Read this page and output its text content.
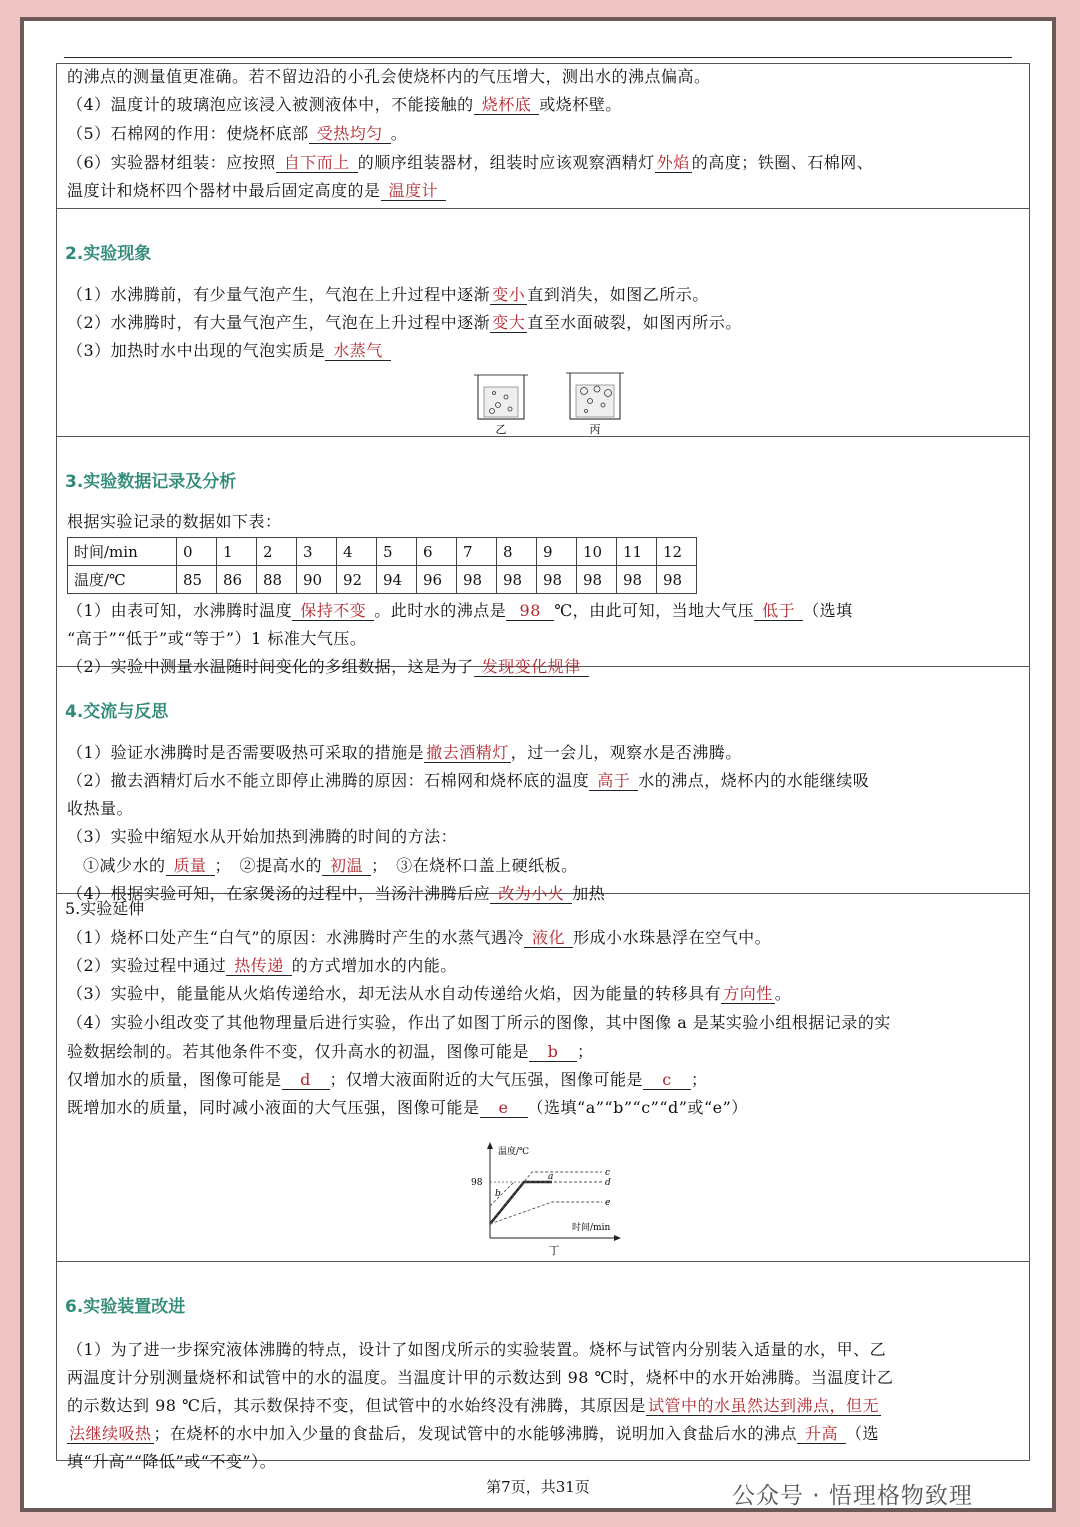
的沸点的测量值更准确。若不留边沿的小孔会使烧杯内的气压增大，测出水的沸点偏高。
（4）温度计的玻璃泡应该浸入被测液体中，不能接触的 烧杯底 或烧杯壁。
（5）石棉网的作用：使烧杯底部 受热均匀 。
（6）实验器材组装：应按照 自下而上 的顺序组装器材，组装时应该观察酒精灯 外焰 的高度；铁圈、石棉网、
温度计和烧杯四个器材中最后固定高度的是 温度计
2.实验现象
（1）水沸腾前，有少量气泡产生，气泡在上升过程中逐渐 变小 直到消失，如图乙所示。
（2）水沸腾时，有大量气泡产生，气泡在上升过程中逐渐 变大 直至水面破裂，如图丙所示。
（3）加热时水中出现的气泡实质是 水蒸气
乙	丙
3.实验数据记录及分析
根据实验记录的数据如下表：
时间/min	0	1	2	3	4	5	6	7	8	9	10	11	12
温度/℃	85	86	88	90	92	94	96	98	98	98	98	98	98
（1）由表可知，水沸腾时温度 保持不变 。此时水的沸点是 98 ℃，由此可知，当地大气压 低于 （选填
“高于”“低于”或“等于”）1 标准大气压。
（2）实验中测量水温随时间变化的多组数据，这是为了 发现变化规律
4.交流与反思
（1）验证水沸腾时是否需要吸热可采取的措施是 撤去酒精灯 ，过一会儿，观察水是否沸腾。
（2）撤去酒精灯后水不能立即停止沸腾的原因：石棉网和烧杯底的温度 高于 水的沸点，烧杯内的水能继续吸
收热量。
（3）实验中缩短水从开始加热到沸腾的时间的方法：
①减少水的 质量 ；　②提高水的 初温 ；　③在烧杯口盖上硬纸板。
（4）根据实验可知，在家煲汤的过程中，当汤汁沸腾后应 改为小火 加热
5.实验延伸
（1）烧杯口处产生“白气”的原因：水沸腾时产生的水蒸气遇冷 液化 形成小水珠悬浮在空气中。
（2）实验过程中通过 热传递 的方式增加水的内能。
（3）实验中，能量能从火焰传递给水，却无法从水自动传递给火焰，因为能量的转移具有 方向性 。
（4）实验小组改变了其他物理量后进行实验，作出了如图丁所示的图像，其中图像 a 是某实验小组根据记录的实
验数据绘制的。若其他条件不变，仅升高水的初温，图像可能是 b ；
仅增加水的质量，图像可能是 d ；仅增大液面附近的大气压强，图像可能是 c ；
既增加水的质量，同时减小液面的大气压强，图像可能是 e （选填“a”“b”“c”“d”或“e”）
温度/℃
时间/min
98
a
b
c
d
e
丁
6.实验装置改进
（1）为了进一步探究液体沸腾的特点，设计了如图戊所示的实验装置。烧杯与试管内分别装入适量的水，甲、乙
两温度计分别测量烧杯和试管中的水的温度。当温度计甲的示数达到 98 ℃时，烧杯中的水开始沸腾。当温度计乙
的示数达到 98 ℃后，其示数保持不变，但试管中的水始终没有沸腾，其原因是 试管中的水虽然达到沸点，但无
法继续吸热 ；在烧杯的水中加入少量的食盐后，发现试管中的水能够沸腾，说明加入食盐后水的沸点 升高 （选
填“升高”“降低”或“不变”）。
第7页，共31页	公众号 · 悟理格物致理
